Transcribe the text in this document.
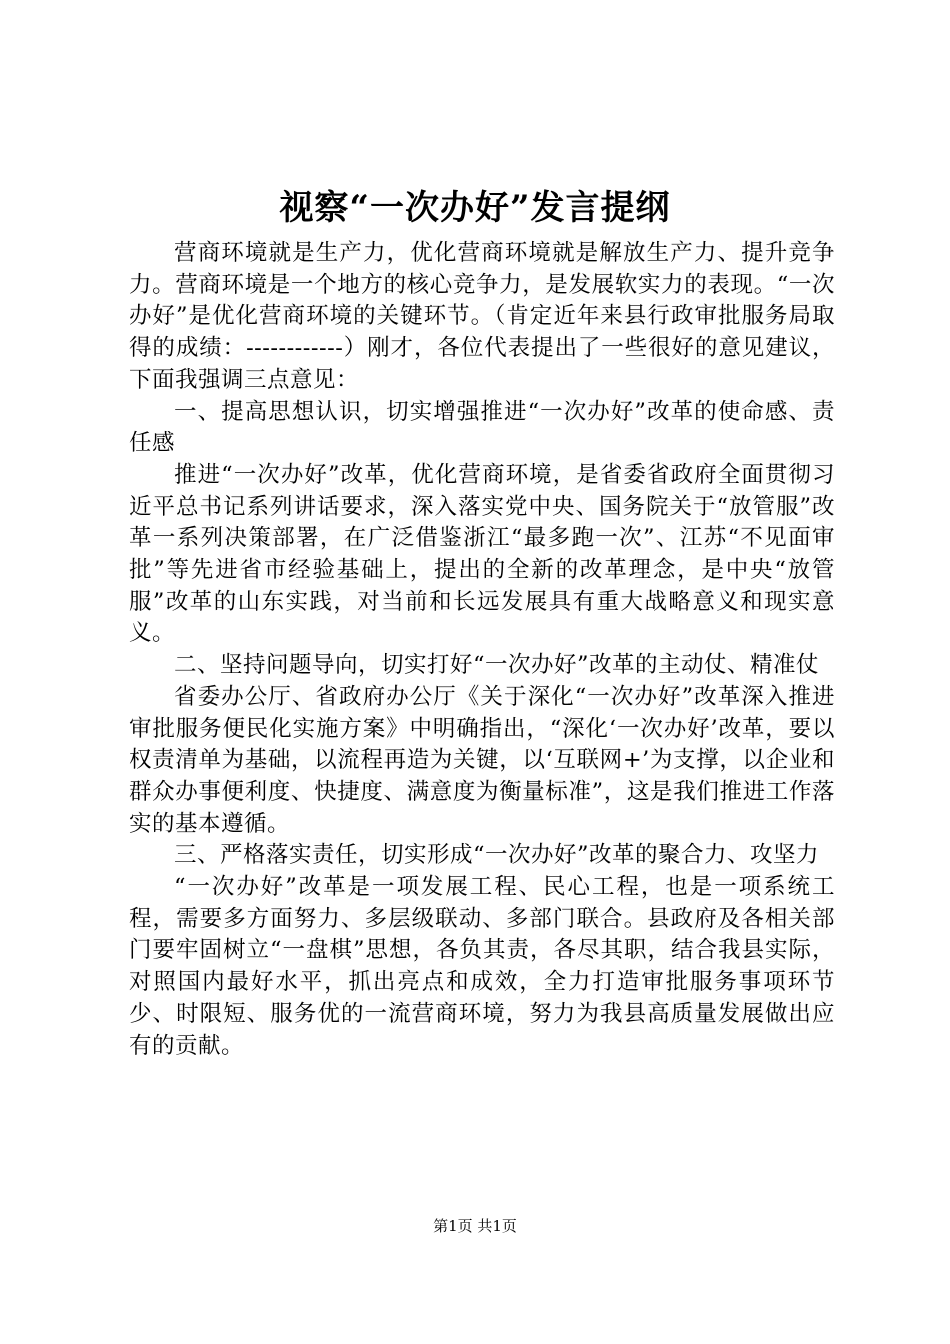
视察“一次办好”发言提纲

营商环境就是生产力，优化营商环境就是解放生产力、提升竞争力。营商环境是一个地方的核心竞争力，是发展软实力的表现。“一次办好”是优化营商环境的关键环节。（肯定近年来县行政审批服务局取得的成绩：------------）刚才，各位代表提出了一些很好的意见建议，下面我强调三点意见：

一、提高思想认识，切实增强推进“一次办好”改革的使命感、责任感

推进“一次办好”改革，优化营商环境，是省委省政府全面贯彻习近平总书记系列讲话要求，深入落实党中央、国务院关于“放管服”改革一系列决策部署，在广泛借鉴浙江“最多跑一次”、江苏“不见面审批”等先进省市经验基础上，提出的全新的改革理念，是中央“放管服”改革的山东实践，对当前和长远发展具有重大战略意义和现实意义。

二、坚持问题导向，切实打好“一次办好”改革的主动仗、精准仗

省委办公厅、省政府办公厅《关于深化“一次办好”改革深入推进审批服务便民化实施方案》中明确指出，“深化‘一次办好’改革，要以权责清单为基础，以流程再造为关键，以‘互联网+’为支撑，以企业和群众办事便利度、快捷度、满意度为衡量标准”，这是我们推进工作落实的基本遵循。

三、严格落实责任，切实形成“一次办好”改革的聚合力、攻坚力

“一次办好”改革是一项发展工程、民心工程，也是一项系统工程，需要多方面努力、多层级联动、多部门联合。县政府及各相关部门要牢固树立“一盘棋”思想，各负其责，各尽其职，结合我县实际，对照国内最好水平，抓出亮点和成效，全力打造审批服务事项环节少、时限短、服务优的一流营商环境，努力为我县高质量发展做出应有的贡献。

第1页 共1页
